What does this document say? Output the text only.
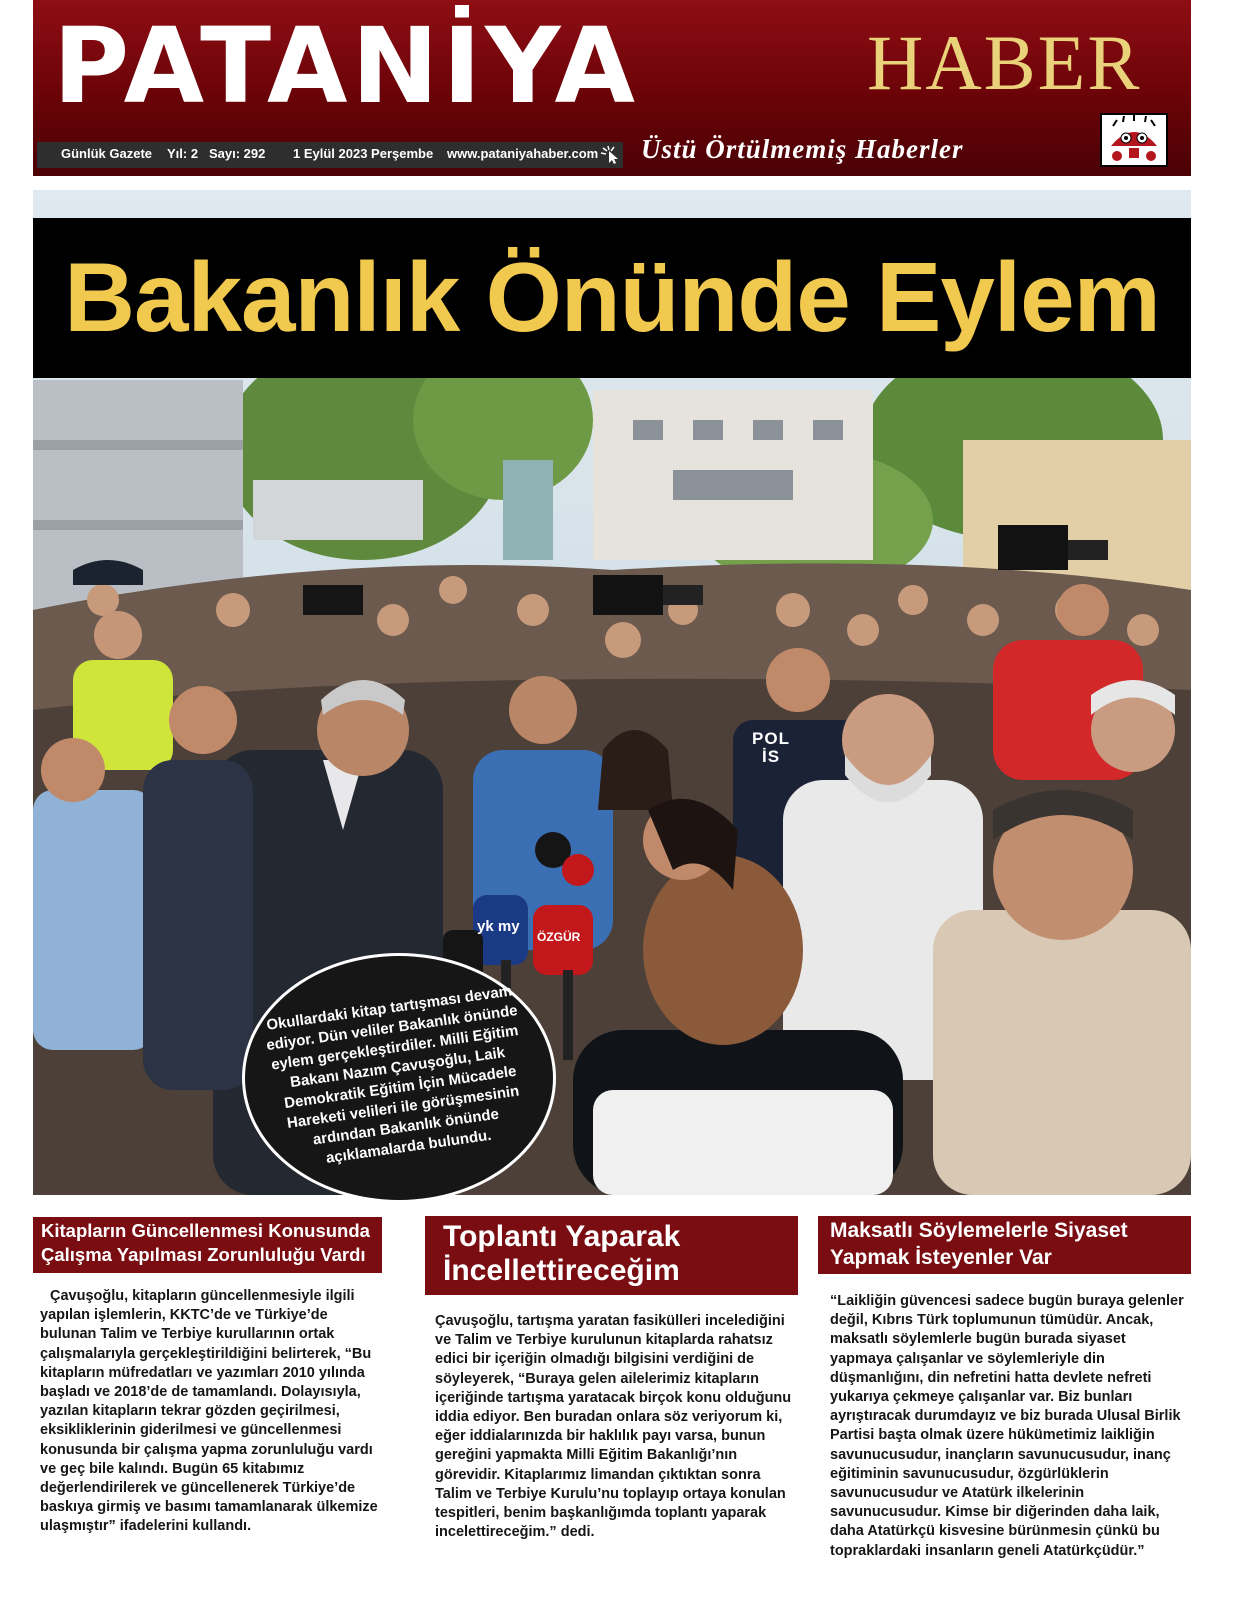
PATANİYA	HABER
Günlük Gazete Yıl: 2 Sayı: 292 1 Eylül 2023 Perşembe www.pataniyahaber.com Üstü Örtülmemiş Haberler
POLİS
yk my
ÖZGÜR
Bakanlık Önünde Eylem

Okullardaki kitap tartışması devam ediyor. Dün veliler Bakanlık önünde eylem gerçekleştirdiler. Milli Eğitim Bakanı Nazım Çavuşoğlu, Laik Demokratik Eğitim İçin Mücadele Hareketi velileri ile görüşmesinin ardından Bakanlık önünde açıklamalarda bulundu.

Kitapların Güncellenmesi Konusunda
Çalışma Yapılması Zorunluluğu Vardı

Çavuşoğlu, kitapların güncellenmesiyle ilgili yapılan işlemlerin, KKTC’de ve Türkiye’de bulunan Talim ve Terbiye kurullarının ortak çalışmalarıyla gerçekleştirildiğini belirterek, “Bu kitapların müfredatları ve yazımları 2010 yılında başladı ve 2018’de de tamamlandı. Dolayısıyla, yazılan kitapların tekrar gözden geçirilmesi, eksikliklerinin giderilmesi ve güncellenmesi konusunda bir çalışma yapma zorunluluğu vardı ve geç bile kalındı. Bugün 65 kitabımız değerlendirilerek ve güncellenerek Türkiye’de baskıya girmiş ve basımı tamamlanarak ülkemize ulaşmıştır” ifadelerini kullandı.

Toplantı Yaparak
İncellettireceğim

Çavuşoğlu, tartışma yaratan fasikülleri incelediğini ve Talim ve Terbiye kurulunun kitaplarda rahatsız edici bir içeriğin olmadığı bilgisini verdiğini de söyleyerek, “Buraya gelen ailelerimiz kitapların içeriğinde tartışma yaratacak birçok konu olduğunu iddia ediyor. Ben buradan onlara söz veriyorum ki, eğer iddialarınızda bir haklılık payı varsa, bunun gereğini yapmakta Milli Eğitim Bakanlığı’nın görevidir. Kitaplarımız limandan çıktıktan sonra Talim ve Terbiye Kurulu’nu toplayıp ortaya konulan tespitleri, benim başkanlığımda toplantı yaparak incelettireceğim.” dedi.

Maksatlı Söylemelerle Siyaset
Yapmak İsteyenler Var

“Laikliğin güvencesi sadece bugün buraya gelenler değil, Kıbrıs Türk toplumunun tümüdür. Ancak, maksatlı söylemlerle bugün burada siyaset yapmaya çalışanlar ve söylemleriyle din düşmanlığını, din nefretini hatta devlete nefreti yukarıya çekmeye çalışanlar var. Biz bunları ayrıştıracak durumdayız ve biz burada Ulusal Birlik Partisi başta olmak üzere hükümetimiz laikliğin savunucusudur, inançların savunucusudur, inanç eğitiminin savunucusudur, özgürlüklerin savunucusudur ve Atatürk ilkelerinin savunucusudur. Kimse bir diğerinden daha laik, daha Atatürkçü kisvesine bürünmesin çünkü bu topraklardaki insanların geneli Atatürkçüdür.”
